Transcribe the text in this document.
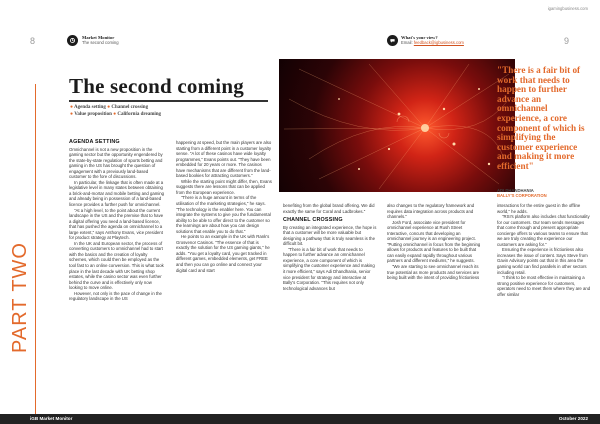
igamingbusiness.com
8	9
Market Monitor
The second coming
What's your view?
Email: feedback@igbusiness.com
PART TWO
The second coming
● Agenda setting ● Channel crossing
● Value proposition ● California dreaming
AGENDA SETTING

Omnichannel is not a new proposition in the gaming sector but the opportunity engendered by the state-by-state regulation of sports betting and gaming in the US has brought the question of engagement with a previously land-based customer to the fore of discussions.

In particular, the linkage that is often made at a legislative level in many states between obtaining a brick-and-mortar and mobile betting and gaming and already being in possession of a land-based licence provides a further push for omnichannel.

"At a high level, to the point about the current landscape in the US and the premise that to have a digital offering you need a land-based licence, that has pushed the agenda on omnichannel to a large extent," says Anthony Evans, vice president for product strategy at Playtech.

In the UK and European sector, the process of converting customers to omnichannel had to start with the basics and the creation of loyalty schemes, which could then be employed as the tool fast to an online conversion. This is what took place in the last decade with UK betting shop estates, while the casino sector was even further behind the curve and is effectively only now looking to move online.

However, not only is the pace of change in the regulatory landscape in the US

happening at speed, but the main players are also starting from a different point in a customer loyalty sense. "A lot of these casinos have wide loyalty programmes," Evans points out. "They have been embedded for 20 years or more. The casinos have mechanisms that are different from the land-based bookies for attracting customers."

While the starting point might differ, then, Evans suggests there are lessons that can be applied from the European experience.

"There is a huge amount in terms of the utilisation of the marketing strategies," he says. "The technology is the enabler here. You can integrate the systems to give you the fundamental ability to be able to offer direct to the customer so the learnings are about how you can design solutions that enable you to do that."

He points to an example in the UK with Rank's Grosvenor Casinos. "The essence of that is exactly the solution for the US gaming giants," he adds. "You get a loyalty card, you get tracked in different games, embedded elements, get FREE and then you can go online and connect your digital card and start

benefiting from the global brand offering. We did exactly the same for Coral and Ladbrokes."

CHANNEL CROSSING

By creating an integrated experience, the hope is that a customer will be more valuable but designing a pathway that is truly seamless is the difficult bit.

"There is a fair bit of work that needs to happen to further advance an omnichannel experience, a core component of which is simplifying the customer experience and making it more efficient," says Adi Dhandhania, senior vice president for strategy and interactive at Bally's Corporation. "This requires not only technological advances but

also changes to the regulatory framework and requires data integration across products and channels."

Josh Ford, associate vice president for omnichannel experience at Rush Street Interactive, concurs that developing an omnichannel journey is an engineering project. "Putting omnichannel in focus from the beginning allows for products and features to be built that can easily expand rapidly throughout various partners and different mediums," he suggests.

"We are starting to see omnichannel reach its true potential as more products and services are being built with the intent of providing frictionless

"There is a fair bit of work that needs to happen to further advance an omnichannel experience, a core component of which is simplifying the customer experience and making it more efficient"
ADI DHANDHANIA
BALLY'S CORPORATION

interactions for the entire guest in the offline world," he adds.

"RSI's platform also includes chat functionality for our customers. Our team sends messages that come through and present appropriate concierge offers to various teams to ensure that we are truly creating the experience our customers are asking for."

Ensuring the experience is frictionless also increases the issue of content. Says Steve from Gavin Advisory points out that in this area the gaming world can find parallels in other sectors including retail.

"I think to be most effective in maintaining a strong positive experience for customers, operators need to meet them where they are and offer similar

iGB Market Monitor	October 2022
